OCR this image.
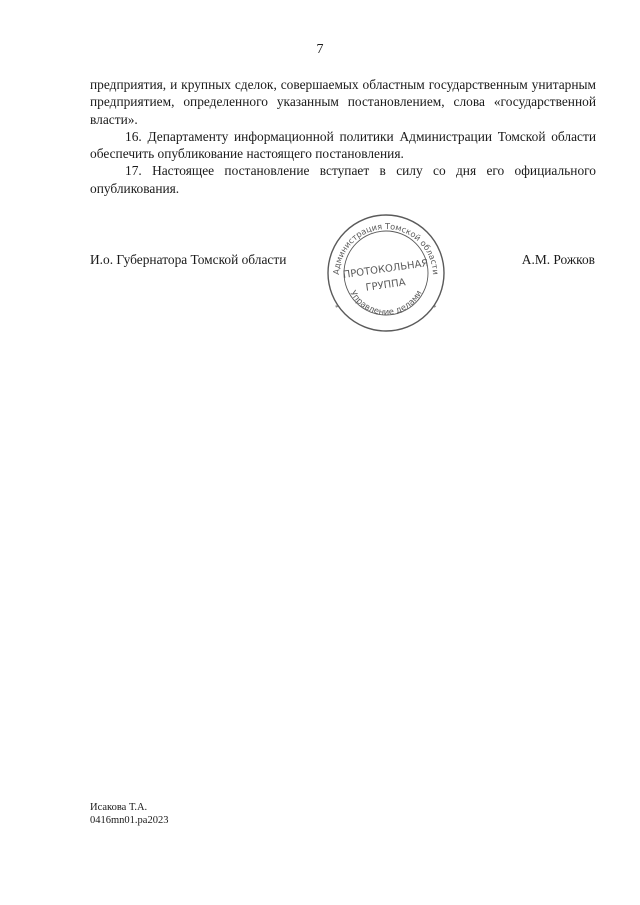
7

предприятия, и крупных сделок, совершаемых областным государственным унитарным предприятием, определенного указанным постановлением, слова «государственной власти».

16. Департаменту информационной политики Администрации Томской области обеспечить опубликование настоящего постановления.

17. Настоящее постановление вступает в силу со дня его официального опубликования.

И.о. Губернатора Томской области	А.М. Рожков
Администрация Томской области
Управление делами
ПРОТОКОЛЬНАЯ
ГРУППА
*	*
Исакова Т.А.
0416mn01.pa2023
